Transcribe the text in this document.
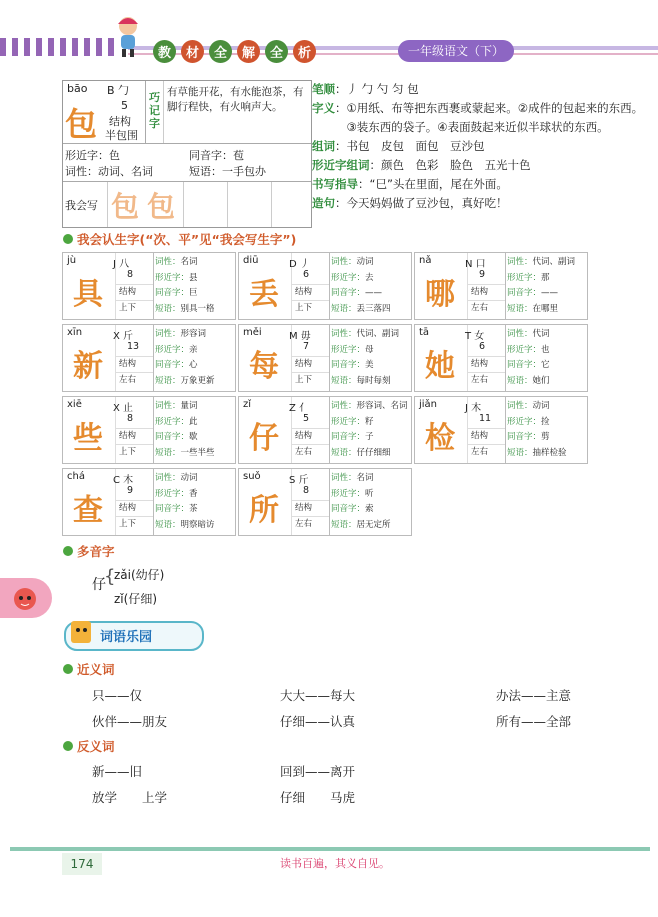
教	材	全	解	全	析	一年级语文（下）
bāo B 勹
包 5
结构
半包围
巧记字
有草能开花，有水能泡茶，有脚行程快，有火响声大。
形近字：色	同音字：苞
词性：动词、名词	短语：一手包办
我会写 包 包
笔顺：丿 勹 勺 匀 包
字义 ： ①用纸、布等把东西裹或蒙起来。②成件的包起来的东西。③装东西的袋子。④表面鼓起来近似半球状的东西。
组词：书包　皮包　面包　豆沙包
形近字组词：颜色　色彩　脸色　五光十色
书写指导：“巳”头在里面，尾在外面。
造句：今天妈妈做了豆沙包，真好吃！
我会认生字(“次、平”见“我会写生字”)
jù	J 八
具
8
结构
上下
词性：名词
形近字：县
同音字：巨
短语：别具一格
diū	D 丿
丢
6
结构
上下
词性：动词
形近字：去
同音字：——
短语：丢三落四
nǎ	N 口
哪
9
结构
左右
词性：代词、副词
形近字：那
同音字：——
短语：在哪里
xīn	X 斤
新
13
结构
左右
词性：形容词
形近字：亲
同音字：心
短语：万象更新
měi	M 毋
每
7
结构
上下
词性：代词、副词
形近字：母
同音字：美
短语：每时每刻
tā	T 女
她
6
结构
左右
词性：代词
形近字：也
同音字：它
短语：她们
xiē	X 止
些
8
结构
上下
词性：量词
形近字：此
同音字：歇
短语：一些半些
zǐ	Z 亻
仔
5
结构
左右
词性：形容词、名词
形近字：籽
同音字：子
短语：仔仔细细
jiǎn	J 木
检
11
结构
左右
词性：动词
形近字：捡
同音字：剪
短语：抽样检验
chá	C 木
查
9
结构
上下
词性：动词
形近字：香
同音字：茶
短语：明察暗访
suǒ	S 斤
所
8
结构
左右
词性：名词
形近字：听
同音字：索
短语：居无定所
多音字
仔
{
zǎi(幼仔)
zǐ(仔细)
词语乐园
近义词
只——仅	大大——每大	办法——主意
伙伴——朋友	仔细——认真	所有——全部
反义词
新——旧	回到——离开
放学　　上学	仔细　　马虎
174	读书百遍，其义自见。
